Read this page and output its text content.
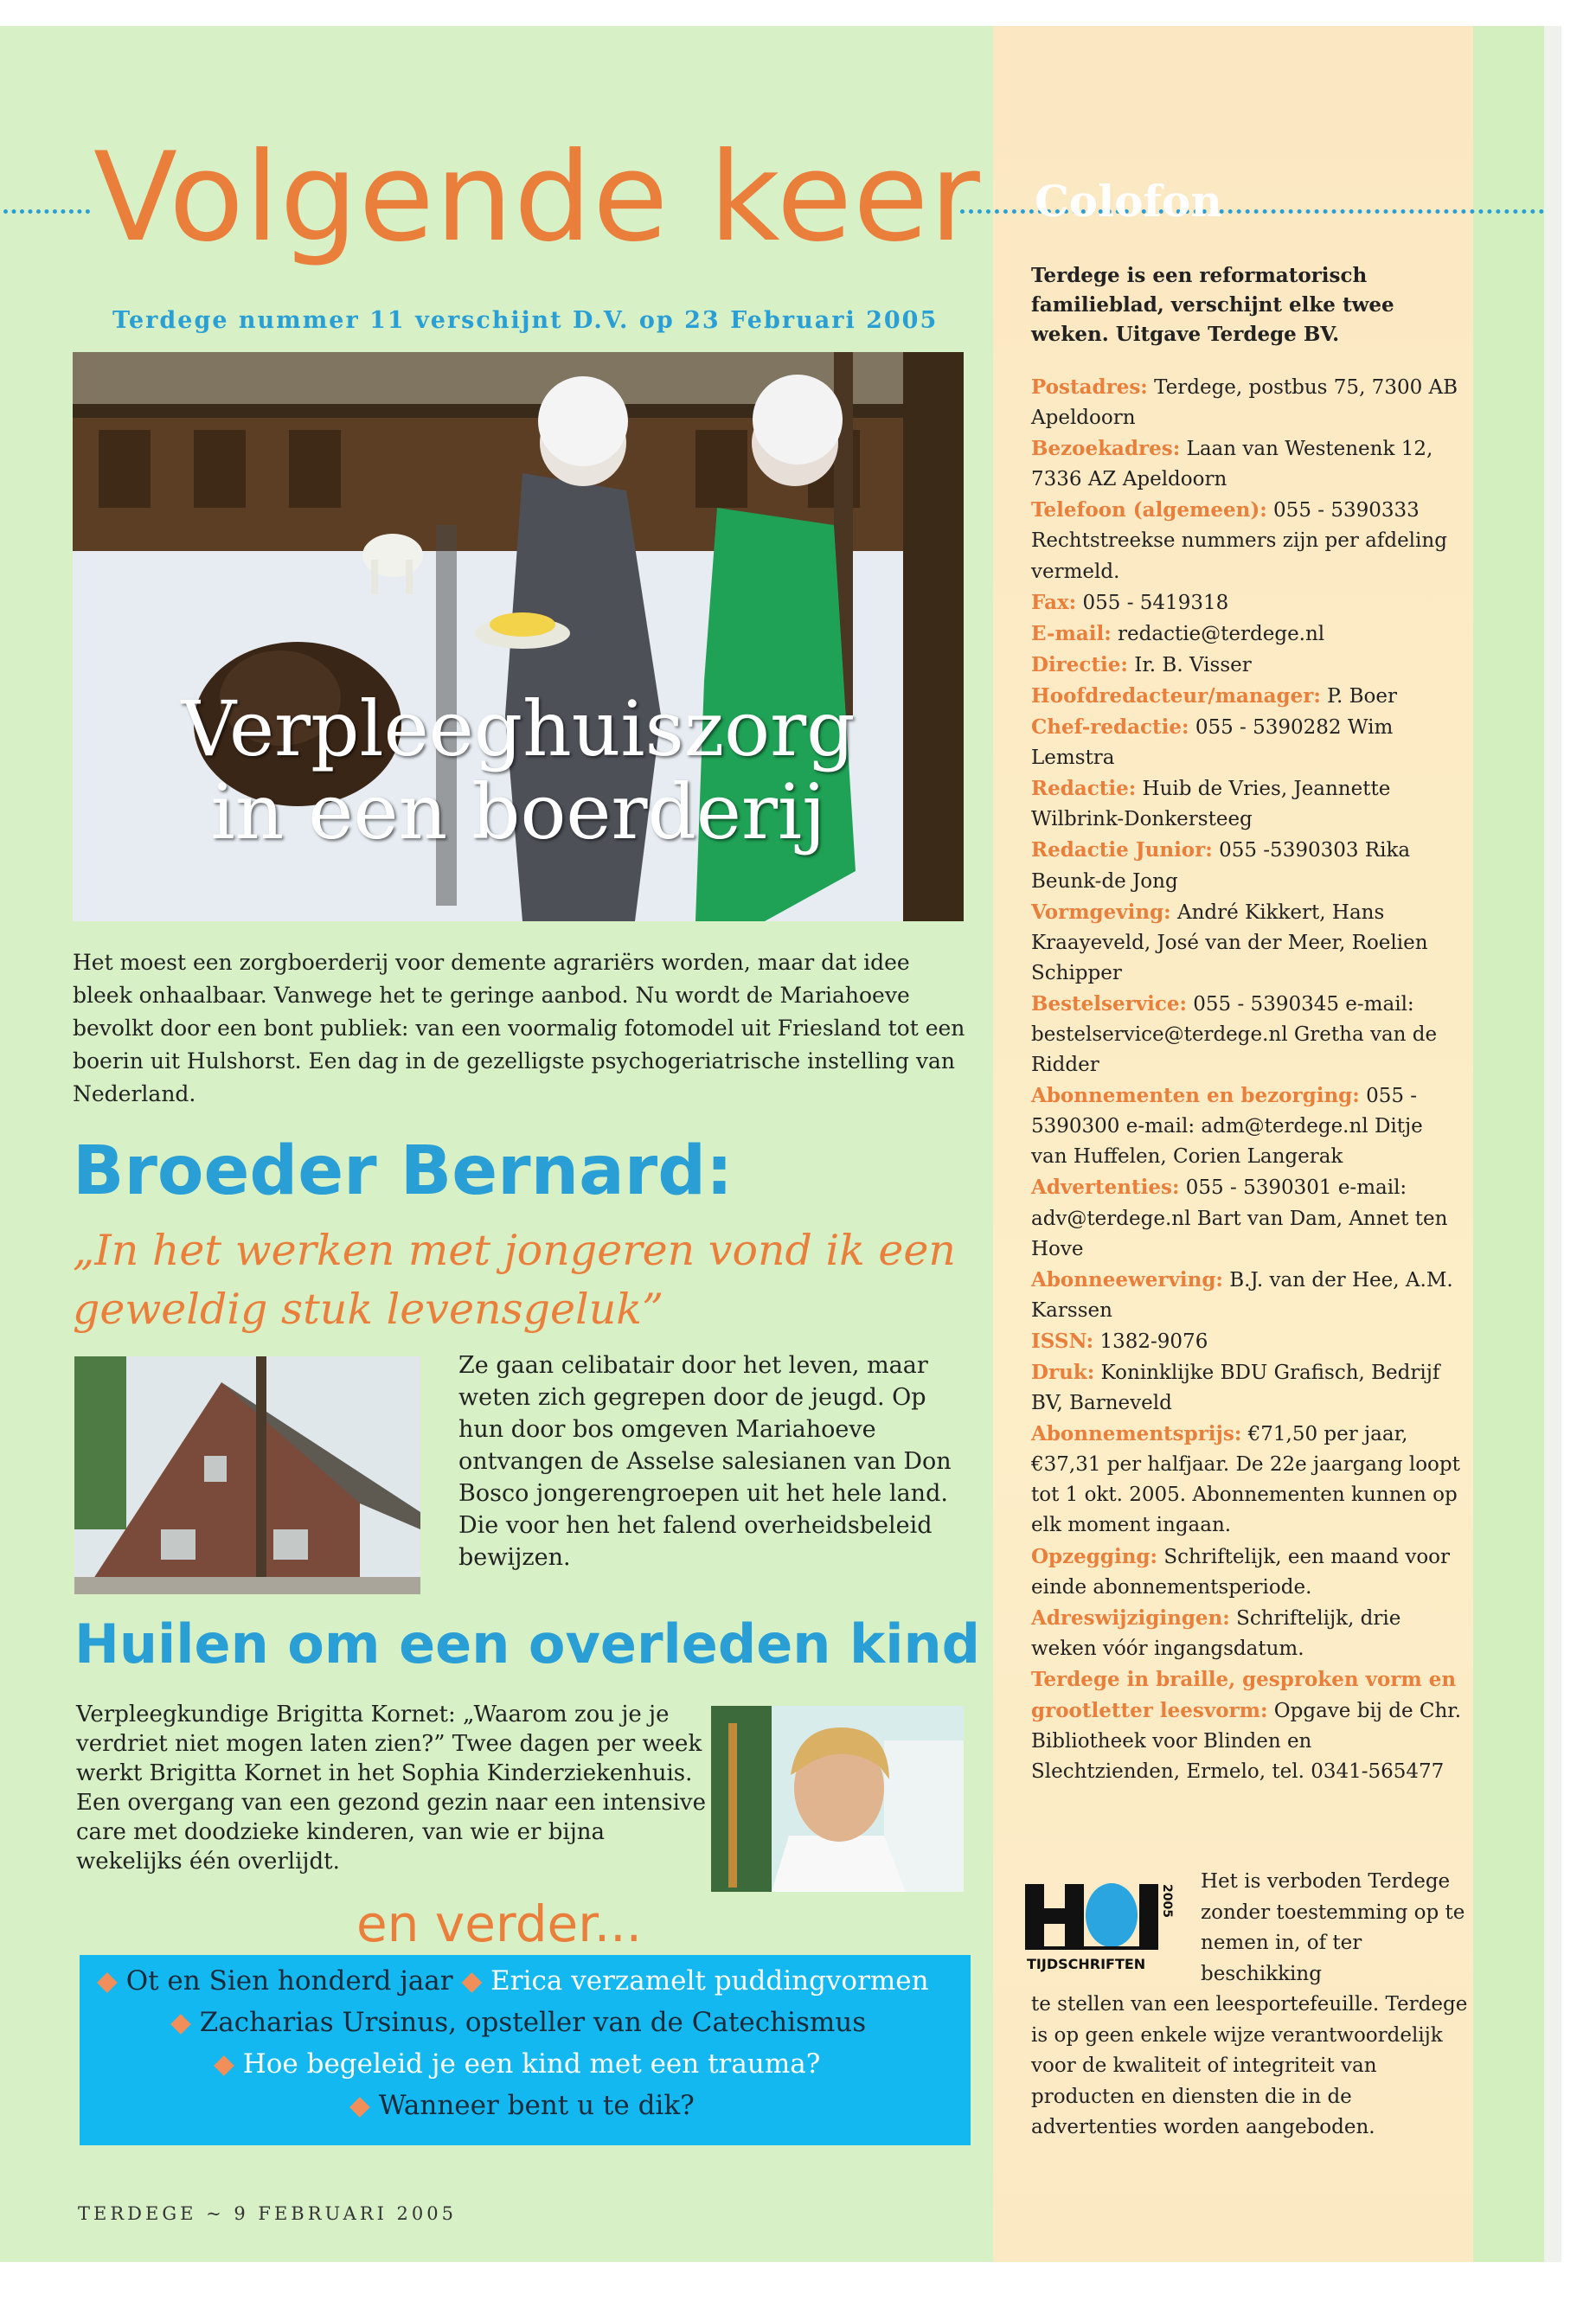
Volgende keer

Terdege nummer 11 verschijnt D.V. op 23 Februari 2005

Verpleeghuiszorg
in een boerderij

Het moest een zorgboerderij voor demente agrariërs worden, maar dat idee bleek onhaalbaar. Vanwege het te geringe aanbod. Nu wordt de Mariahoeve bevolkt door een bont publiek: van een voormalig fotomodel uit Friesland tot een boerin uit Hulshorst. Een dag in de gezelligste psychogeriatrische instelling van Nederland.

Broeder Bernard:

„In het werken met jongeren vond ik een geweldig stuk levensgeluk”

Ze gaan celibatair door het leven, maar weten zich gegrepen door de jeugd. Op hun door bos omgeven Mariahoeve ontvangen de Asselse salesianen van Don Bosco jongerengroepen uit het hele land. Die voor hen het falend overheidsbeleid bewijzen.

Huilen om een overleden kind

Verpleegkundige Brigitta Kornet: „Waarom zou je je verdriet niet mogen laten zien?” Twee dagen per week werkt Brigitta Kornet in het Sophia Kinderziekenhuis. Een overgang van een gezond gezin naar een intensive care met doodzieke kinderen, van wie er bijna wekelijks één overlijdt.

en verder...

◆ Ot en Sien honderd jaar ◆ Erica verzamelt puddingvormen

◆ Zacharias Ursinus, opsteller van de Catechismus

◆ Hoe begeleid je een kind met een trauma?

◆ Wanneer bent u te dik?

TERDEGE ~ 9 FEBRUARI 2005

Colofon

Terdege is een reformatorisch familieblad, verschijnt elke twee weken. Uitgave Terdege BV.

Postadres: Terdege, postbus 75, 7300 AB Apeldoorn
Bezoekadres: Laan van Westenenk 12, 7336 AZ Apeldoorn
Telefoon (algemeen): 055 - 5390333 Rechtstreekse nummers zijn per afdeling vermeld.
Fax: 055 - 5419318
E-mail: redactie@terdege.nl
Directie: Ir. B. Visser
Hoofdredacteur/manager: P. Boer
Chef-redactie: 055 - 5390282 Wim Lemstra
Redactie: Huib de Vries, Jeannette Wilbrink-Donkersteeg
Redactie Junior: 055 -5390303 Rika Beunk-de Jong
Vormgeving: André Kikkert, Hans Kraayeveld, José van der Meer, Roelien Schipper
Bestelservice: 055 - 5390345 e-mail: bestelservice@terdege.nl Gretha van de Ridder
Abonnementen en bezorging: 055 - 5390300 e-mail: adm@terdege.nl Ditje van Huffelen, Corien Langerak
Advertenties: 055 - 5390301 e-mail: adv@terdege.nl Bart van Dam, Annet ten Hove
Abonneewerving: B.J. van der Hee, A.M. Karssen
ISSN: 1382-9076
Druk: Koninklijke BDU Grafisch, Bedrijf BV, Barneveld
Abonnementsprijs: €71,50 per jaar, €37,31 per halfjaar. De 22e jaargang loopt tot 1 okt. 2005. Abonnementen kunnen op elk moment ingaan.
Opzegging: Schriftelijk, een maand voor einde abonnementsperiode.
Adreswijzigingen: Schriftelijk, drie weken vóór ingangsdatum.
Terdege in braille, gesproken vorm en grootletter leesvorm: Opgave bij de Chr. Bibliotheek voor Blinden en Slechtzienden, Ermelo, tel. 0341-565477
2005
TIJDSCHRIFTEN

Het is verboden Terdege zonder toestemming op te nemen in, of ter beschikking

te stellen van een leesportefeuille. Terdege is op geen enkele wijze verantwoordelijk voor de kwaliteit of integriteit van producten en diensten die in de advertenties worden aangeboden.
